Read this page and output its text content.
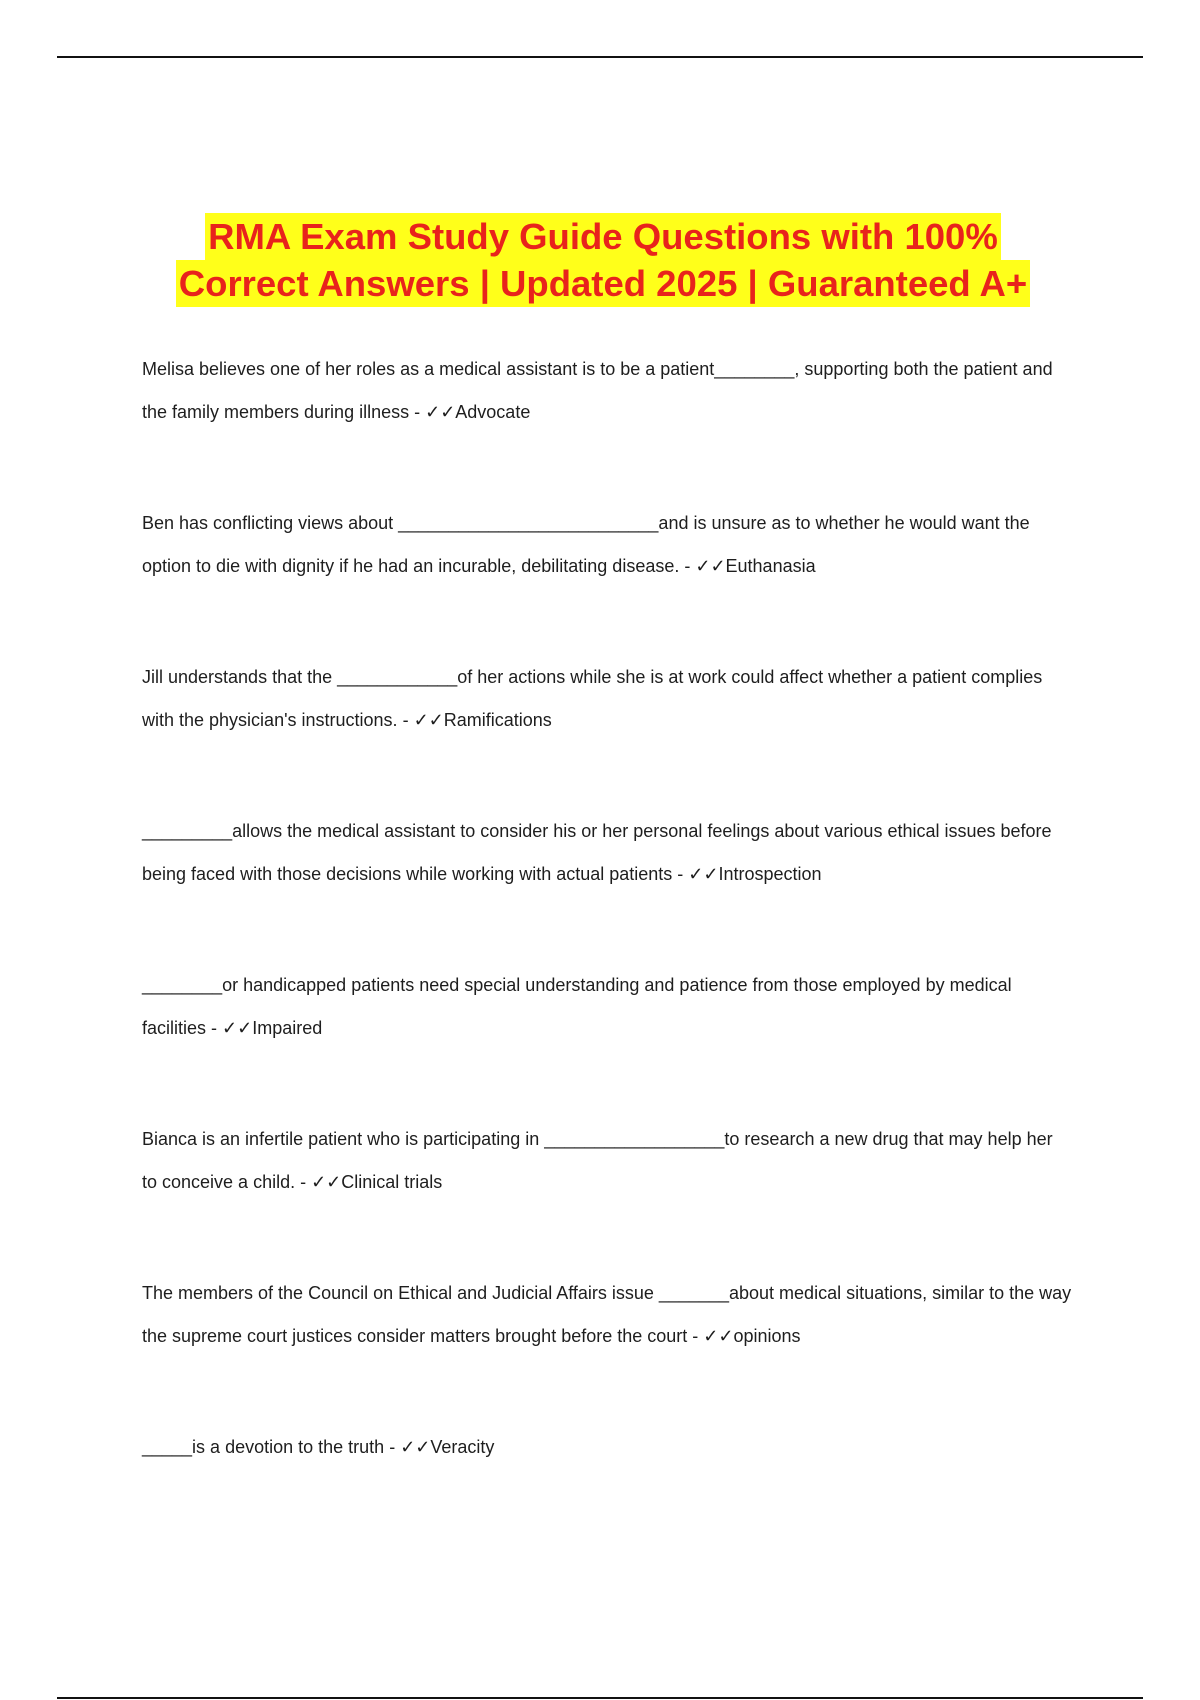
RMA Exam Study Guide Questions with 100%
Correct Answers | Updated 2025 | Guaranteed A+

Melisa believes one of her roles as a medical assistant is to be a patient________, supporting both the patient and the family members during illness - ✓✓Advocate

Ben has conflicting views about __________________________and is unsure as to whether he would want the option to die with dignity if he had an incurable, debilitating disease. - ✓✓Euthanasia

Jill understands that the ____________of her actions while she is at work could affect whether a patient complies with the physician's instructions. - ✓✓Ramifications

_________allows the medical assistant to consider his or her personal feelings about various ethical issues before being faced with those decisions while working with actual patients - ✓✓Introspection

________or handicapped patients need special understanding and patience from those employed by medical facilities - ✓✓Impaired

Bianca is an infertile patient who is participating in __________________to research a new drug that may help her to conceive a child. - ✓✓Clinical trials

The members of the Council on Ethical and Judicial Affairs issue _______about medical situations, similar to the way the supreme court justices consider matters brought before the court - ✓✓opinions

_____is a devotion to the truth - ✓✓Veracity
